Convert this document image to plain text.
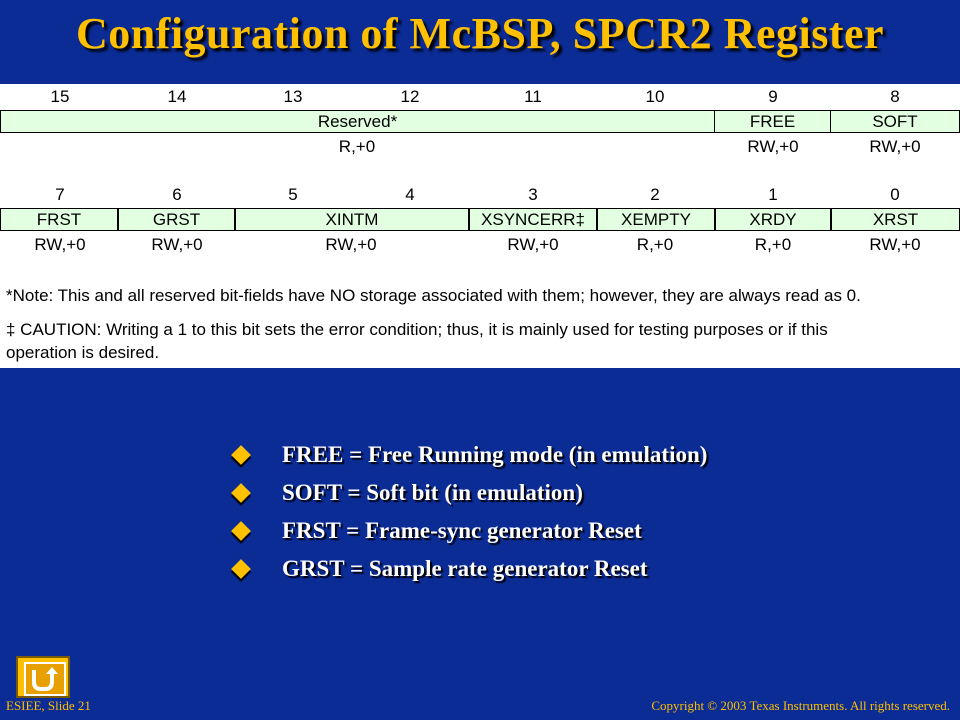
Configuration of McBSP, SPCR2 Register
15	14	13	12	11	10	9	8
Reserved*	FREE	SOFT
R,+0	RW,+0	RW,+0
7	6	5	4	3	2	1	0
FRST	GRST	XINTM	XSYNCERR‡	XEMPTY	XRDY	XRST
RW,+0	RW,+0	RW,+0	RW,+0	R,+0	R,+0	RW,+0
*Note: This and all reserved bit-fields have NO storage associated with them; however, they are always read as 0.
‡ CAUTION: Writing a 1 to this bit sets the error condition; thus, it is mainly used for testing purposes or if this
operation is desired.
FREE = Free Running mode (in emulation)
SOFT = Soft bit (in emulation)
FRST = Frame-sync generator Reset
GRST = Sample rate generator Reset
ESIEE, Slide 21	Copyright © 2003 Texas Instruments. All rights reserved.
